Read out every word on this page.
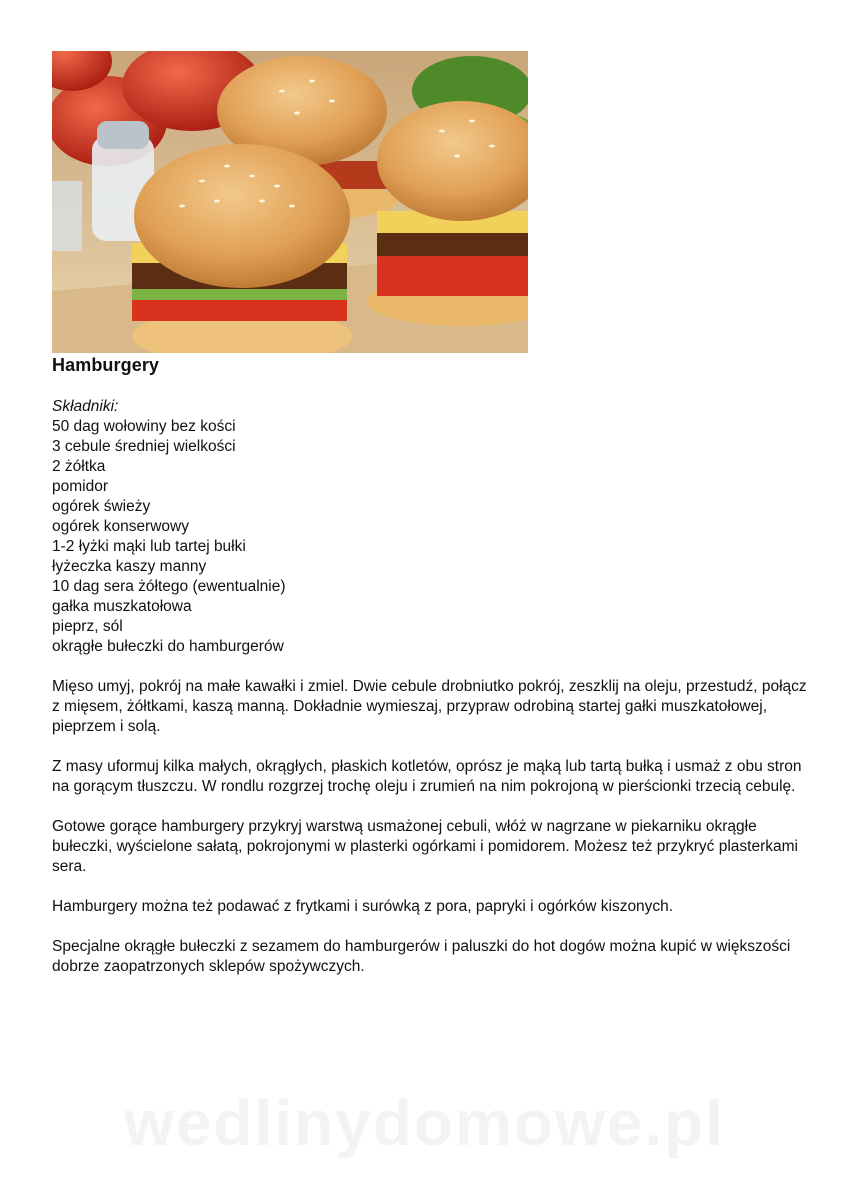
Hamburgery
Składniki:
50 dag wołowiny bez kości
3 cebule średniej wielkości
2 żółtka
pomidor
ogórek świeży
ogórek konserwowy
1-2 łyżki mąki lub tartej bułki
łyżeczka kaszy manny
10 dag sera żółtego (ewentualnie)
gałka muszkatołowa
pieprz, sól
okrągłe bułeczki do hamburgerów

Mięso umyj, pokrój na małe kawałki i zmiel. Dwie cebule drobniutko pokrój, zeszklij na oleju, przestudź, połącz z mięsem, żółtkami, kaszą manną. Dokładnie wymieszaj, przypraw odrobiną startej gałki muszkatołowej, pieprzem i solą.

Z masy uformuj kilka małych, okrągłych, płaskich kotletów, oprósz je mąką lub tartą bułką i usmaż z obu stron na gorącym tłuszczu. W rondlu rozgrzej trochę oleju i zrumień na nim pokrojoną w pierścionki trzecią cebulę.

Gotowe gorące hamburgery przykryj warstwą usmażonej cebuli, włóż w nagrzane w piekarniku okrągłe bułeczki, wyścielone sałatą, pokrojonymi w plasterki ogórkami i pomidorem. Możesz też przykryć plasterkami sera.

Hamburgery można też podawać z frytkami i surówką z pora, papryki i ogórków kiszonych.

Specjalne okrągłe bułeczki z sezamem do hamburgerów i paluszki do hot dogów można kupić w większości dobrze zaopatrzonych sklepów spożywczych.

wedlinydomowe.pl
